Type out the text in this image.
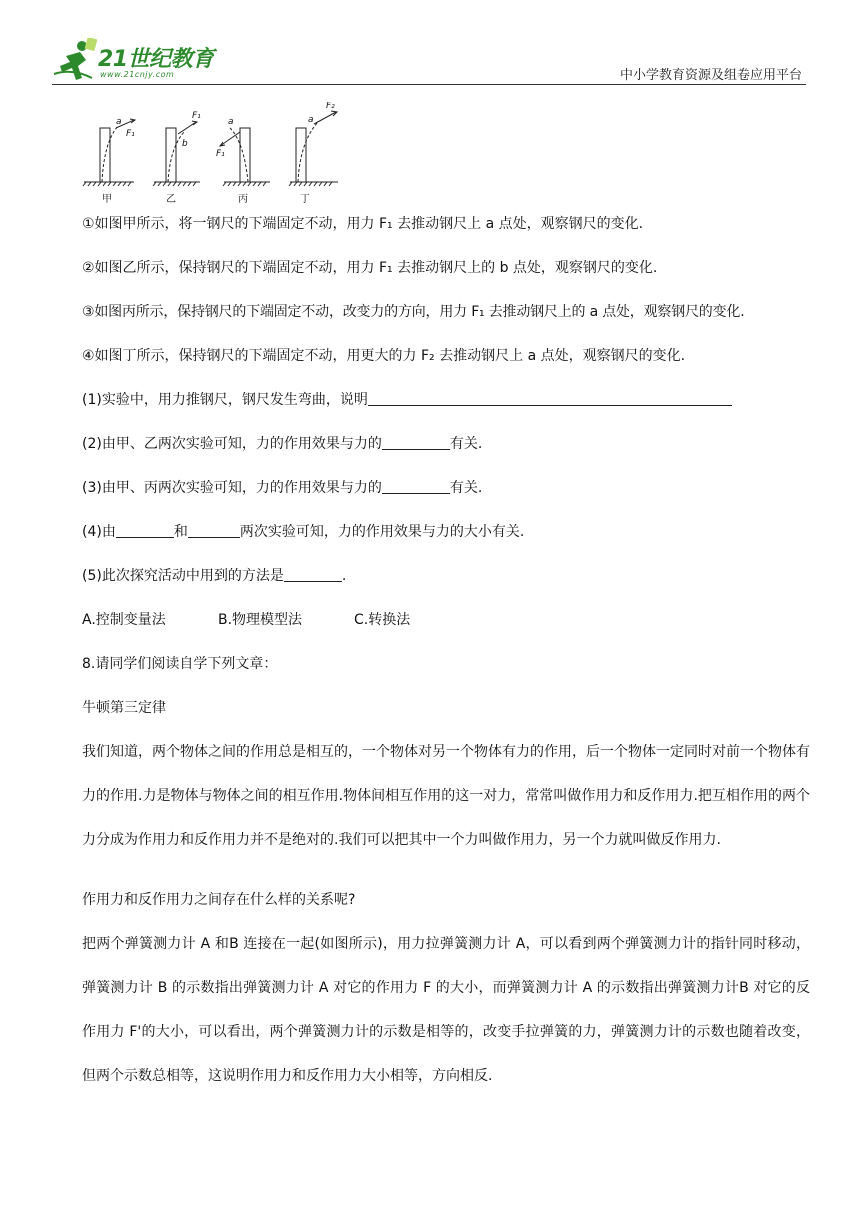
21世纪教育
www.21cnjy.com	中小学教育资源及组卷应用平台
a
F₁
b
F₁
a
F₁
a
F₂
甲	乙	丙	丁

①如图甲所示，将一钢尺的下端固定不动，用力 F₁ 去推动钢尺上 a 点处，观察钢尺的变化.

②如图乙所示，保持钢尺的下端固定不动，用力 F₁ 去推动钢尺上的 b 点处，观察钢尺的变化.

③如图丙所示，保持钢尺的下端固定不动，改变力的方向，用力 F₁ 去推动钢尺上的 a 点处，观察钢尺的变化.

④如图丁所示，保持钢尺的下端固定不动，用更大的力 F₂ 去推动钢尺上 a 点处，观察钢尺的变化.

(1)实验中，用力推钢尺，钢尺发生弯曲，说明

(2)由甲、乙两次实验可知，力的作用效果与力的	有关.

(3)由甲、丙两次实验可知，力的作用效果与力的	有关.

(4)由	和	两次实验可知，力的作用效果与力的大小有关.

(5)此次探究活动中用到的方法是	.

A.控制变量法	B.物理模型法	C.转换法

8.请同学们阅读自学下列文章：

牛顿第三定律

我们知道，两个物体之间的作用总是相互的，一个物体对另一个物体有力的作用，后一个物体一定同时对前一个物体有力的作用.力是物体与物体之间的相互作用.物体间相互作用的这一对力，常常叫做作用力和反作用力.把互相作用的两个力分成为作用力和反作用力并不是绝对的.我们可以把其中一个力叫做作用力，另一个力就叫做反作用力.

作用力和反作用力之间存在什么样的关系呢?

把两个弹簧测力计 A 和B 连接在一起(如图所示)，用力拉弹簧测力计 A，可以看到两个弹簧测力计的指针同时移动，弹簧测力计 B 的示数指出弹簧测力计 A 对它的作用力 F 的大小，而弹簧测力计 A 的示数指出弹簧测力计B 对它的反作用力 F'的大小，可以看出，两个弹簧测力计的示数是相等的，改变手拉弹簧的力，弹簧测力计的示数也随着改变，但两个示数总相等，这说明作用力和反作用力大小相等，方向相反.
